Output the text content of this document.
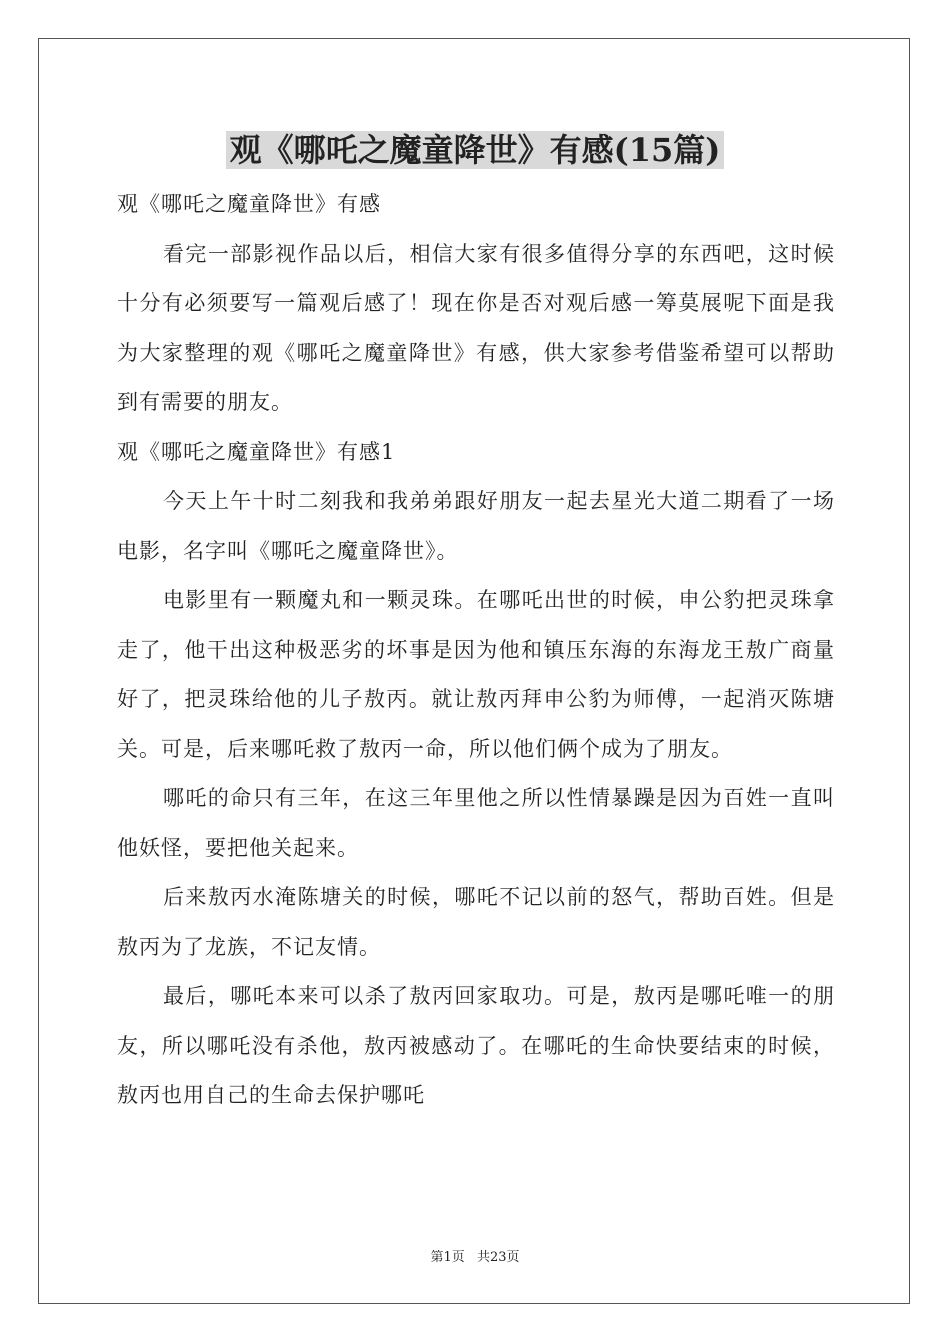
观《哪吒之魔童降世》有感(15篇)

观《哪吒之魔童降世》有感

看完一部影视作品以后，相信大家有很多值得分享的东西吧，这时候十分有必须要写一篇观后感了！现在你是否对观后感一筹莫展呢下面是我为大家整理的观《哪吒之魔童降世》有感，供大家参考借鉴希望可以帮助到有需要的朋友。

观《哪吒之魔童降世》有感1

今天上午十时二刻我和我弟弟跟好朋友一起去星光大道二期看了一场电影，名字叫《哪吒之魔童降世》。

电影里有一颗魔丸和一颗灵珠。在哪吒出世的时候，申公豹把灵珠拿走了，他干出这种极恶劣的坏事是因为他和镇压东海的东海龙王敖广商量好了，把灵珠给他的儿子敖丙。就让敖丙拜申公豹为师傅，一起消灭陈塘关。可是，后来哪吒救了敖丙一命，所以他们俩个成为了朋友。

哪吒的命只有三年，在这三年里他之所以性情暴躁是因为百姓一直叫他妖怪，要把他关起来。

后来敖丙水淹陈塘关的时候，哪吒不记以前的怒气，帮助百姓。但是敖丙为了龙族，不记友情。

最后，哪吒本来可以杀了敖丙回家取功。可是，敖丙是哪吒唯一的朋友，所以哪吒没有杀他，敖丙被感动了。在哪吒的生命快要结束的时候，敖丙也用自己的生命去保护哪吒

第1页 共23页
